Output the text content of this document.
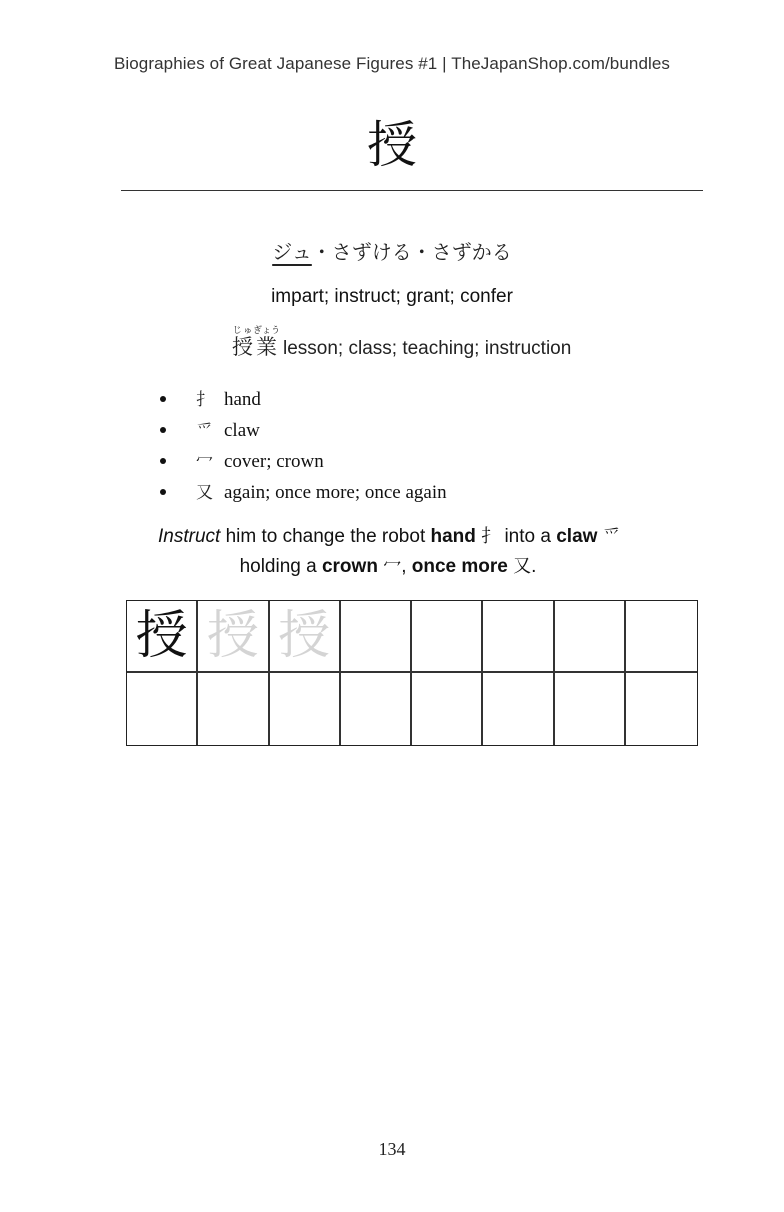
Biographies of Great Japanese Figures #1 | TheJapanShop.com/bundles
授
ジュ・さずける・さずかる
impart; instruct; grant; confer
授じゅ業ぎょうlesson; class; teaching; instruction
扌 hand
爫 claw
冖 cover; crown
又 again; once more; once again
Instruct him to change the robot hand 扌 into a claw 爫
holding a crown 冖, once more 又.
授 授 授
134
